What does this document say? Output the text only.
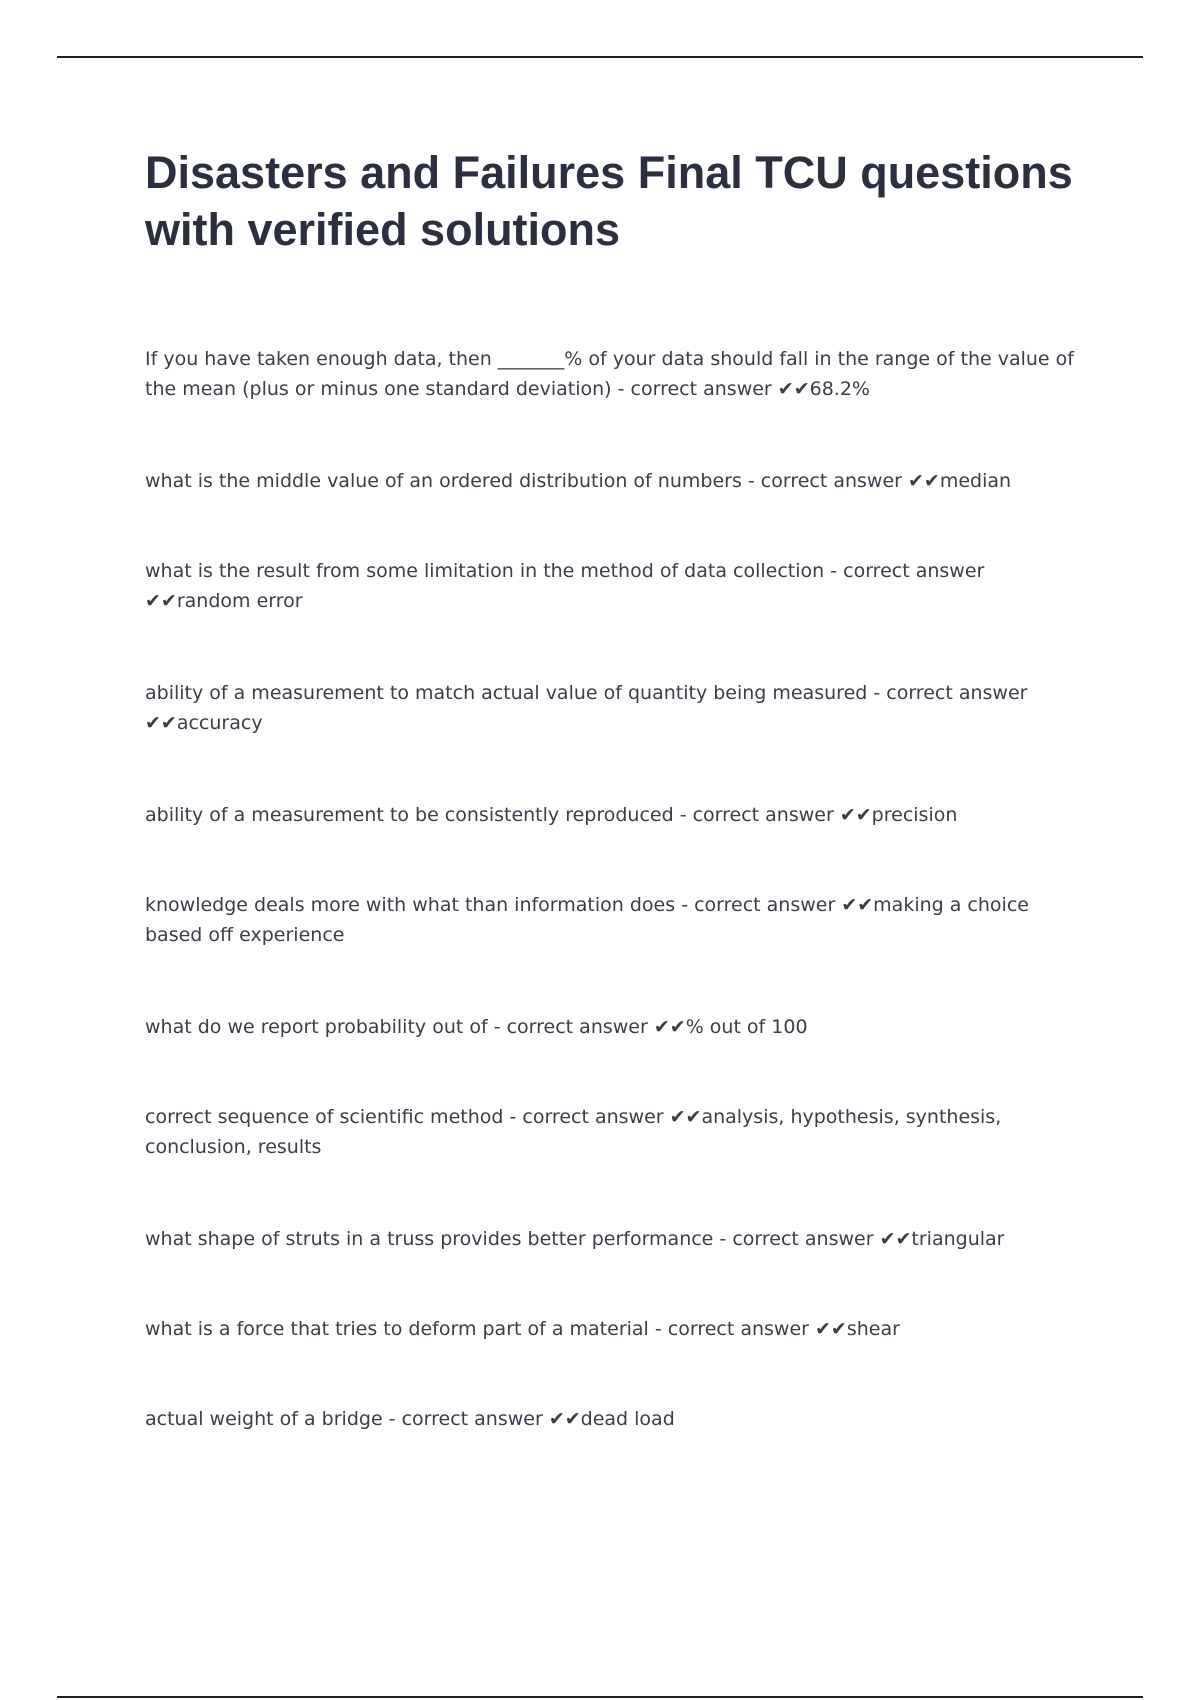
Disasters and Failures Final TCU questions with verified solutions
If you have taken enough data, then _______% of your data should fall in the range of the value of the mean (plus or minus one standard deviation) - correct answer ✔✔68.2%
what is the middle value of an ordered distribution of numbers - correct answer ✔✔median
what is the result from some limitation in the method of data collection - correct answer ✔✔random error
ability of a measurement to match actual value of quantity being measured - correct answer ✔✔accuracy
ability of a measurement to be consistently reproduced - correct answer ✔✔precision
knowledge deals more with what than information does - correct answer ✔✔making a choice based off experience
what do we report probability out of - correct answer ✔✔% out of 100
correct sequence of scientific method - correct answer ✔✔analysis, hypothesis, synthesis, conclusion, results
what shape of struts in a truss provides better performance - correct answer ✔✔triangular
what is a force that tries to deform part of a material - correct answer ✔✔shear
actual weight of a bridge - correct answer ✔✔dead load
